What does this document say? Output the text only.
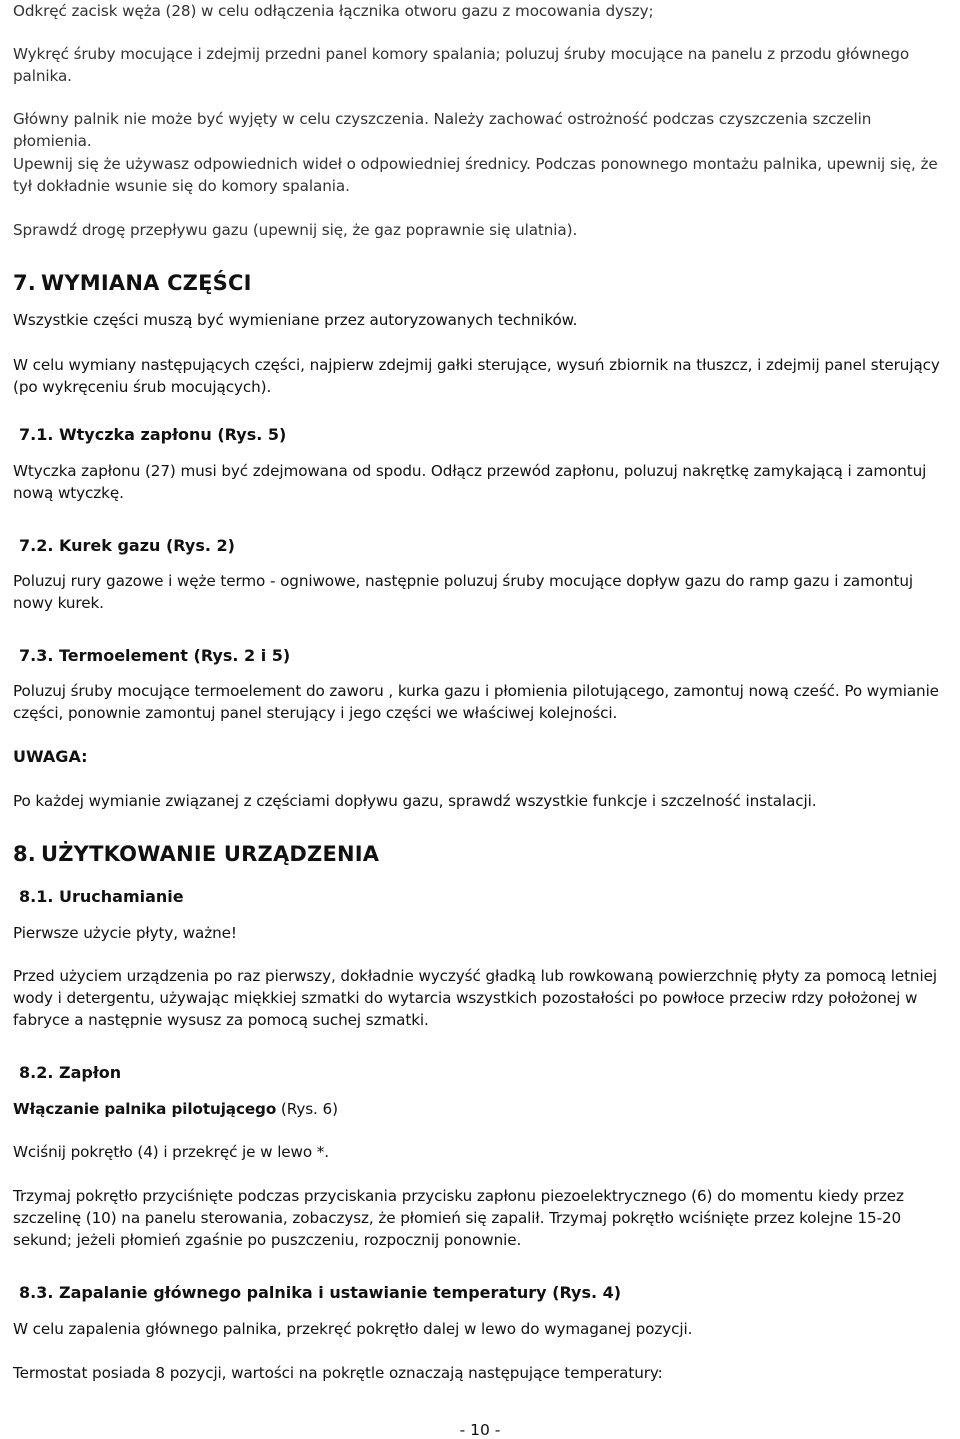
Odkręć zacisk węża (28) w celu odłączenia łącznika otworu gazu z mocowania dyszy;

Wykręć śruby mocujące i zdejmij przedni panel komory spalania; poluzuj śruby mocujące na panelu z przodu głównego palnika.

Główny palnik nie może być wyjęty w celu czyszczenia. Należy zachować ostrożność podczas czyszczenia szczelin płomienia.

Upewnij się że używasz odpowiednich wideł o odpowiedniej średnicy. Podczas ponownego montażu palnika, upewnij się, że tył dokładnie wsunie się do komory spalania.

Sprawdź drogę przepływu gazu (upewnij się, że gaz poprawnie się ulatnia).

7. WYMIANA CZĘŚCI

Wszystkie części muszą być wymieniane przez autoryzowanych techników.

W celu wymiany następujących części, najpierw zdejmij gałki sterujące, wysuń zbiornik na tłuszcz, i zdejmij panel sterujący (po wykręceniu śrub mocujących).

7.1. Wtyczka zapłonu (Rys. 5)

Wtyczka zapłonu (27) musi być zdejmowana od spodu. Odłącz przewód zapłonu, poluzuj nakrętkę zamykającą i zamontuj nową wtyczkę.

7.2. Kurek gazu (Rys. 2)

Poluzuj rury gazowe i węże termo - ogniwowe, następnie poluzuj śruby mocujące dopływ gazu do ramp gazu i zamontuj nowy kurek.

7.3. Termoelement (Rys. 2 i 5)

Poluzuj śruby mocujące termoelement do zaworu , kurka gazu i płomienia pilotującego, zamontuj nową cześć. Po wymianie części, ponownie zamontuj panel sterujący i jego części we właściwej kolejności.

UWAGA:

Po każdej wymianie związanej z częściami dopływu gazu, sprawdź wszystkie funkcje i szczelność instalacji.

8. UŻYTKOWANIE URZĄDZENIA
8.1. Uruchamianie

Pierwsze użycie płyty, ważne!

Przed użyciem urządzenia po raz pierwszy, dokładnie wyczyść gładką lub rowkowaną powierzchnię płyty za pomocą letniej wody i detergentu, używając miękkiej szmatki do wytarcia wszystkich pozostałości po powłoce przeciw rdzy położonej w fabryce a następnie wysusz za pomocą suchej szmatki.

8.2. Zapłon

Włączanie palnika pilotującego (Rys. 6)

Wciśnij pokrętło (4) i przekręć je w lewo *.

Trzymaj pokrętło przyciśnięte podczas przyciskania przycisku zapłonu piezoelektrycznego (6) do momentu kiedy przez szczelinę (10) na panelu sterowania, zobaczysz, że płomień się zapalił. Trzymaj pokrętło wciśnięte przez kolejne 15-20 sekund; jeżeli płomień zgaśnie po puszczeniu, rozpocznij ponownie.

8.3. Zapalanie głównego palnika i ustawianie temperatury (Rys. 4)

W celu zapalenia głównego palnika, przekręć pokrętło dalej w lewo do wymaganej pozycji.

Termostat posiada 8 pozycji, wartości na pokrętle oznaczają następujące temperatury:

- 10 -
